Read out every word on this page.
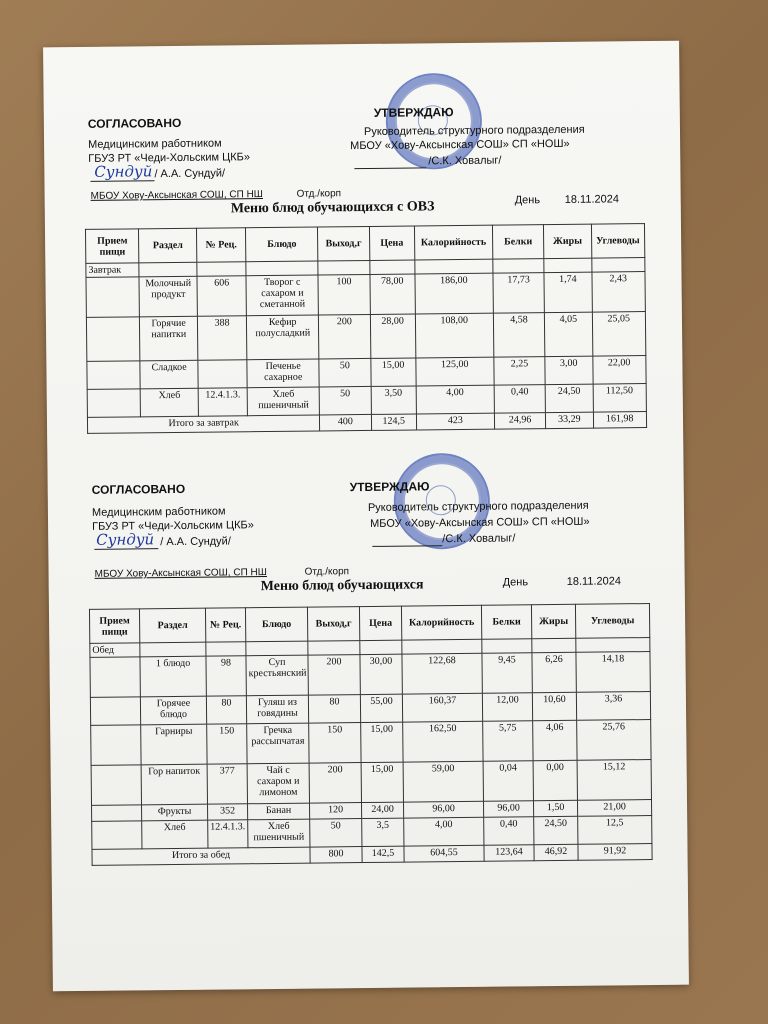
СОГЛАСОВАНО
Медицинским работником
ГБУЗ РТ «Чеди-Хольским ЦКБ»
Сундуй / А.А. Сундуй/
УТВЕРЖДАЮ
Руководитель структурного подразделения
МБОУ «Хову-Аксынская СОШ» СП «НОШ»
/С.К. Ховалыг/
МБОУ Хову-Аксынская СОШ, СП НШ	Отд./корп
Меню блюд обучающихся с ОВЗ	День 18.11.2024
Прием пищи	Раздел	№ Рец.	Блюдо	Выход,г	Цена	Калорийность	Белки	Жиры	Углеводы
Завтрак									
	Молочный продукт	606	Творог с сахаром и сметанной	100	78,00	186,00	17,73	1,74	2,43
	Горячие напитки	388	Кефир полусладкий	200	28,00	108,00	4,58	4,05	25,05
	Сладкое		Печенье сахарное	50	15,00	125,00	2,25	3,00	22,00
	Хлеб	12.4.1.3.	Хлеб пшеничный	50	3,50	4,00	0,40	24,50	112,50
Итого за завтрак				400	124,5	423	24,96	33,29	161,98
СОГЛАСОВАНО
Медицинским работником
ГБУЗ РТ «Чеди-Хольским ЦКБ»
Сундуй / А.А. Сундуй/
УТВЕРЖДАЮ
Руководитель структурного подразделения
МБОУ «Хову-Аксынская СОШ» СП «НОШ»
/С.К. Ховалыг/
МБОУ Хову-Аксынская СОШ, СП НШ	Отд./корп
Меню блюд обучающихся	День	18.11.2024
Прием пищи	Раздел	№ Рец.	Блюдо	Выход,г	Цена	Калорийность	Белки	Жиры	Углеводы
Обед									
	1 блюдо	98	Суп крестьянский	200	30,00	122,68	9,45	6,26	14,18
	Горячее блюдо	80	Гуляш из говядины	80	55,00	160,37	12,00	10,60	3,36
	Гарниры	150	Гречка рассыпчатая	150	15,00	162,50	5,75	4,06	25,76
	Гор напиток	377	Чай с сахаром и лимоном	200	15,00	59,00	0,04	0,00	15,12
	Фрукты	352	Банан	120	24,00	96,00	96,00	1,50	21,00
	Хлеб	12.4.1.3.	Хлеб пшеничный	50	3,5	4,00	0,40	24,50	12,5
Итого за обед				800	142,5	604,55	123,64	46,92	91,92
